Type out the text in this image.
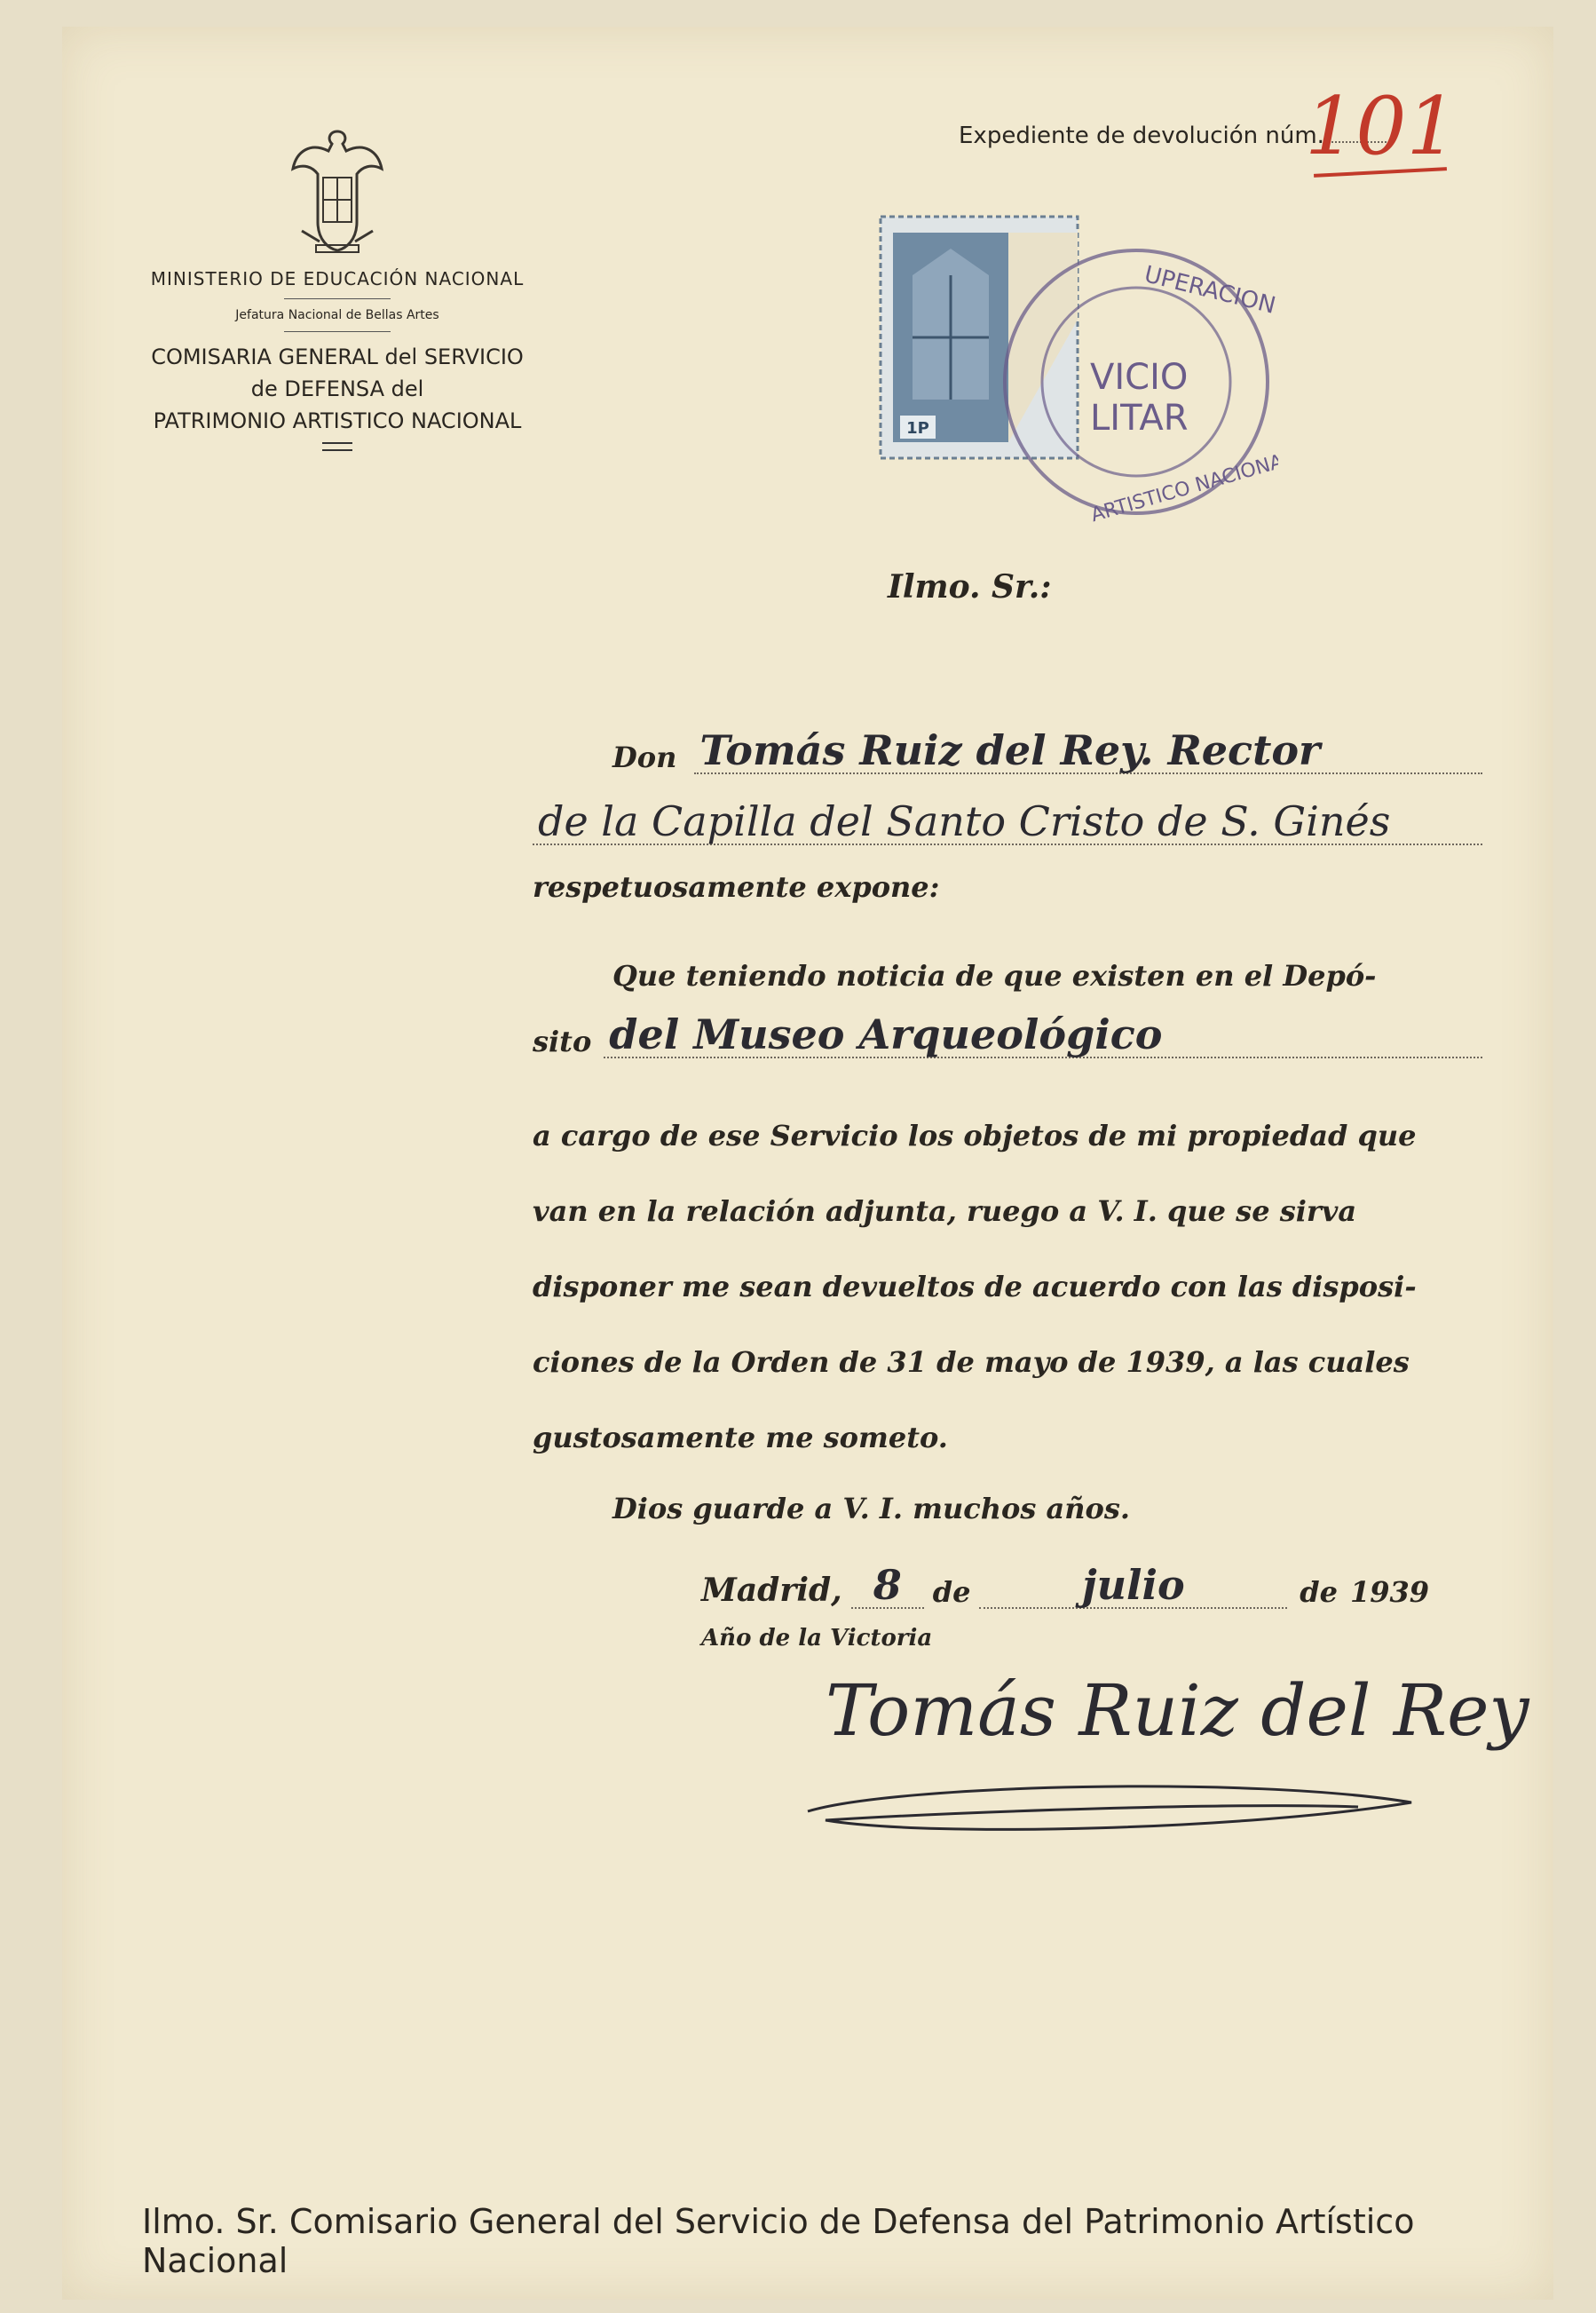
MINISTERIO DE EDUCACIÓN NACIONAL
Jefatura Nacional de Bellas Artes
COMISARIA GENERAL del SERVICIO
de DEFENSA del
PATRIMONIO ARTISTICO NACIONAL
Expediente de devolución núm.
101
1P
UPERACION
VICIO
LITAR
ARTISTICO NACIONAL
Ilmo. Sr.:
Don Tomás Ruiz del Rey. Rector
de la Capilla del Santo Cristo de S. Ginés
respetuosamente expone:
Que teniendo noticia de que existen en el Depó-
sito del Museo Arqueológico
a cargo de ese Servicio los objetos de mi propiedad que
van en la relación adjunta, ruego a V. I. que se sirva
disponer me sean devueltos de acuerdo con las disposi-
ciones de la Orden de 31 de mayo de 1939, a las cuales
gustosamente me someto.
Dios guarde a V. I. muchos años.
Madrid, 8	de	julio	de 1939
Año de la Victoria
Tomás Ruiz del Rey
Ilmo. Sr. Comisario General del Servicio de Defensa del Patrimonio Artístico Nacional
